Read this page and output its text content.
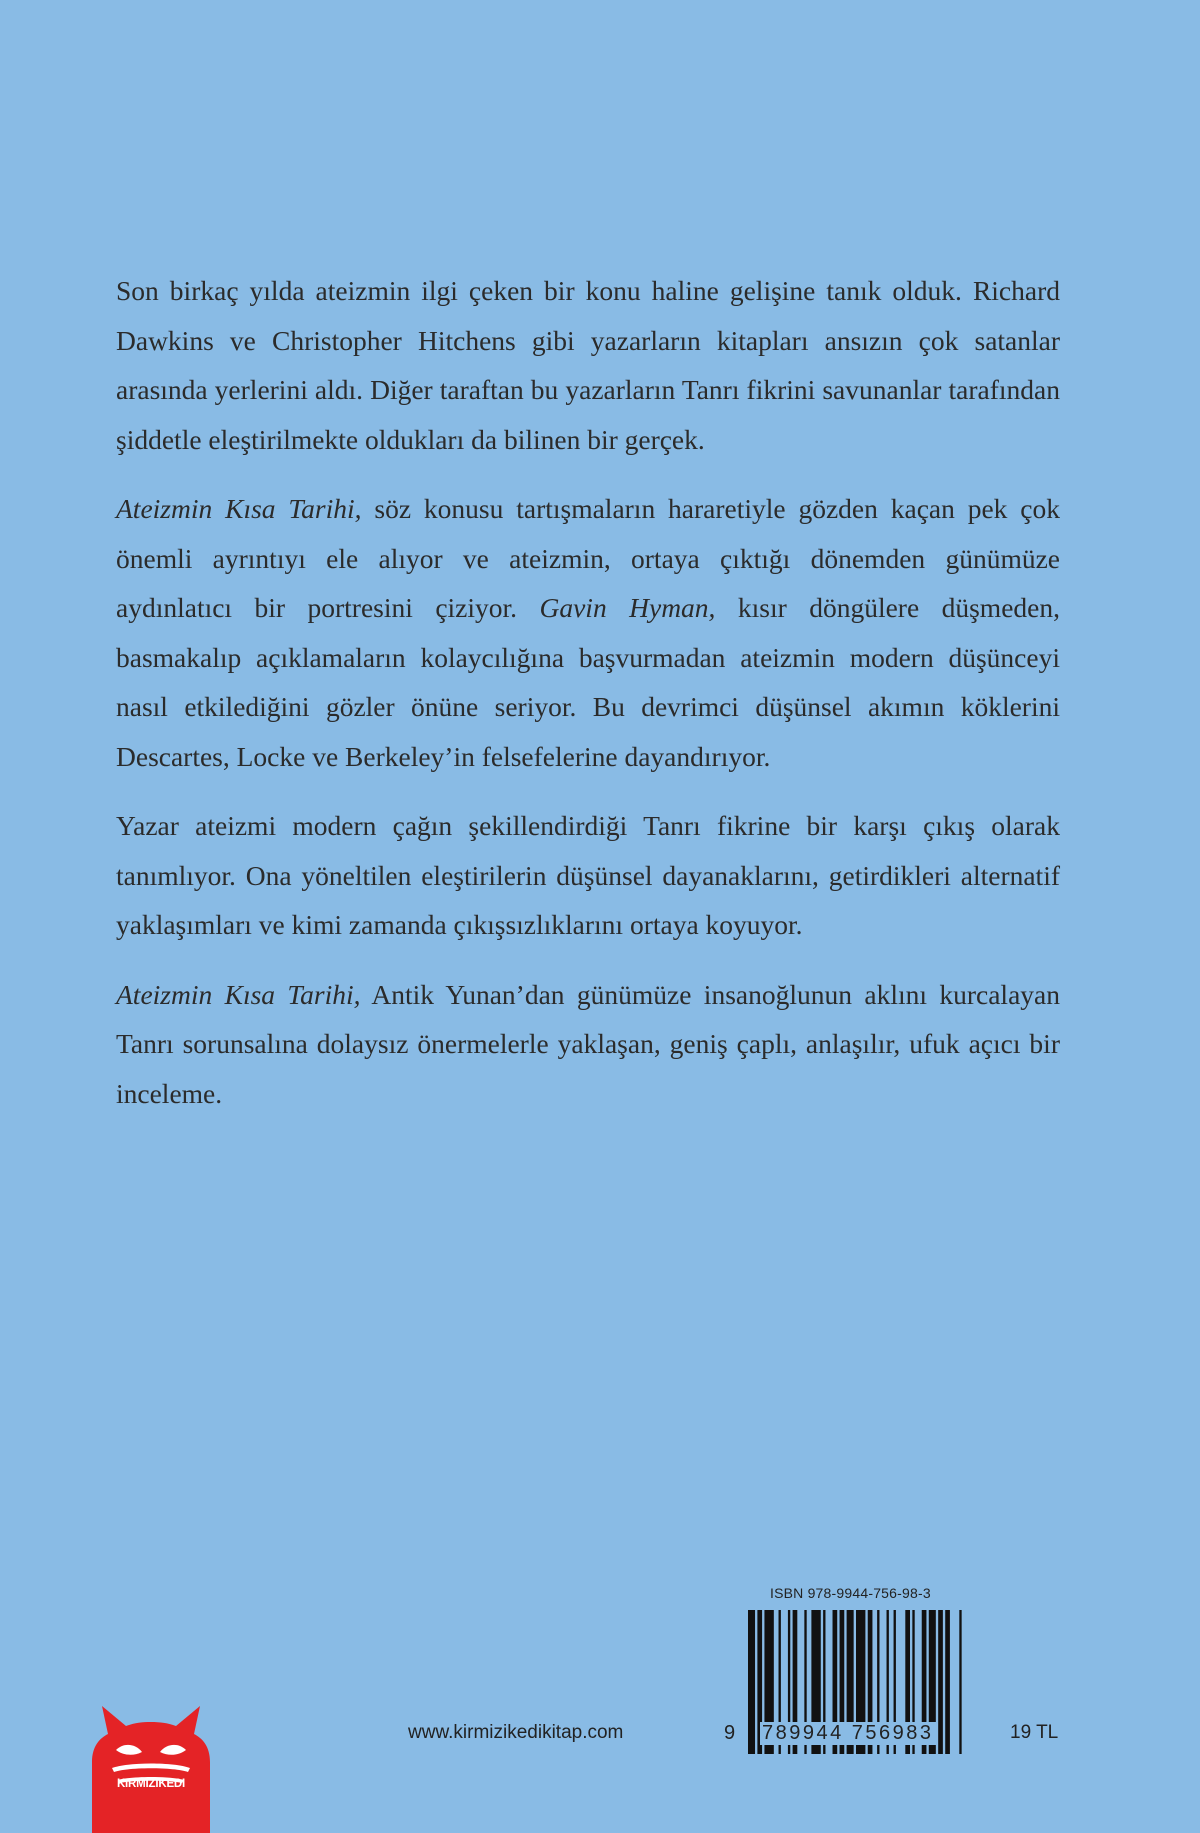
Son birkaç yılda ateizmin ilgi çeken bir konu haline gelişine tanık olduk. Richard Dawkins ve Christopher Hitchens gibi yazarların kitapları ansızın çok satanlar arasında yerlerini aldı. Diğer taraftan bu yazarların Tanrı fikrini savunanlar tarafından şiddetle eleştirilmekte oldukları da bilinen bir gerçek.

Ateizmin Kısa Tarihi, söz konusu tartışmaların hararetiyle gözden kaçan pek çok önemli ayrıntıyı ele alıyor ve ateizmin, ortaya çıktığı dönemden günümüze aydınlatıcı bir portresini çiziyor. Gavin Hyman, kısır döngülere düşmeden, basmakalıp açıklamaların kolaycılığına başvurmadan ateizmin modern düşünceyi nasıl etkilediğini gözler önüne seriyor. Bu devrimci düşünsel akımın köklerini Descartes, Locke ve Berkeley’in felsefelerine dayandırıyor.

Yazar ateizmi modern çağın şekillendirdiği Tanrı fikrine bir karşı çıkış olarak tanımlıyor. Ona yöneltilen eleştirilerin düşünsel dayanaklarını, getirdikleri alternatif yaklaşımları ve kimi zamanda çıkışsızlıklarını ortaya koyuyor.

Ateizmin Kısa Tarihi, Antik Yunan’dan günümüze insanoğlunun aklını kurcalayan Tanrı sorunsalına dolaysız önermelerle yaklaşan, geniş çaplı, anlaşılır, ufuk açıcı bir inceleme.

ISBN 978-9944-756-98-3
9 789944 756983
www.kirmizikedikitap.com	19 TL
KIRMIZIKEDI
